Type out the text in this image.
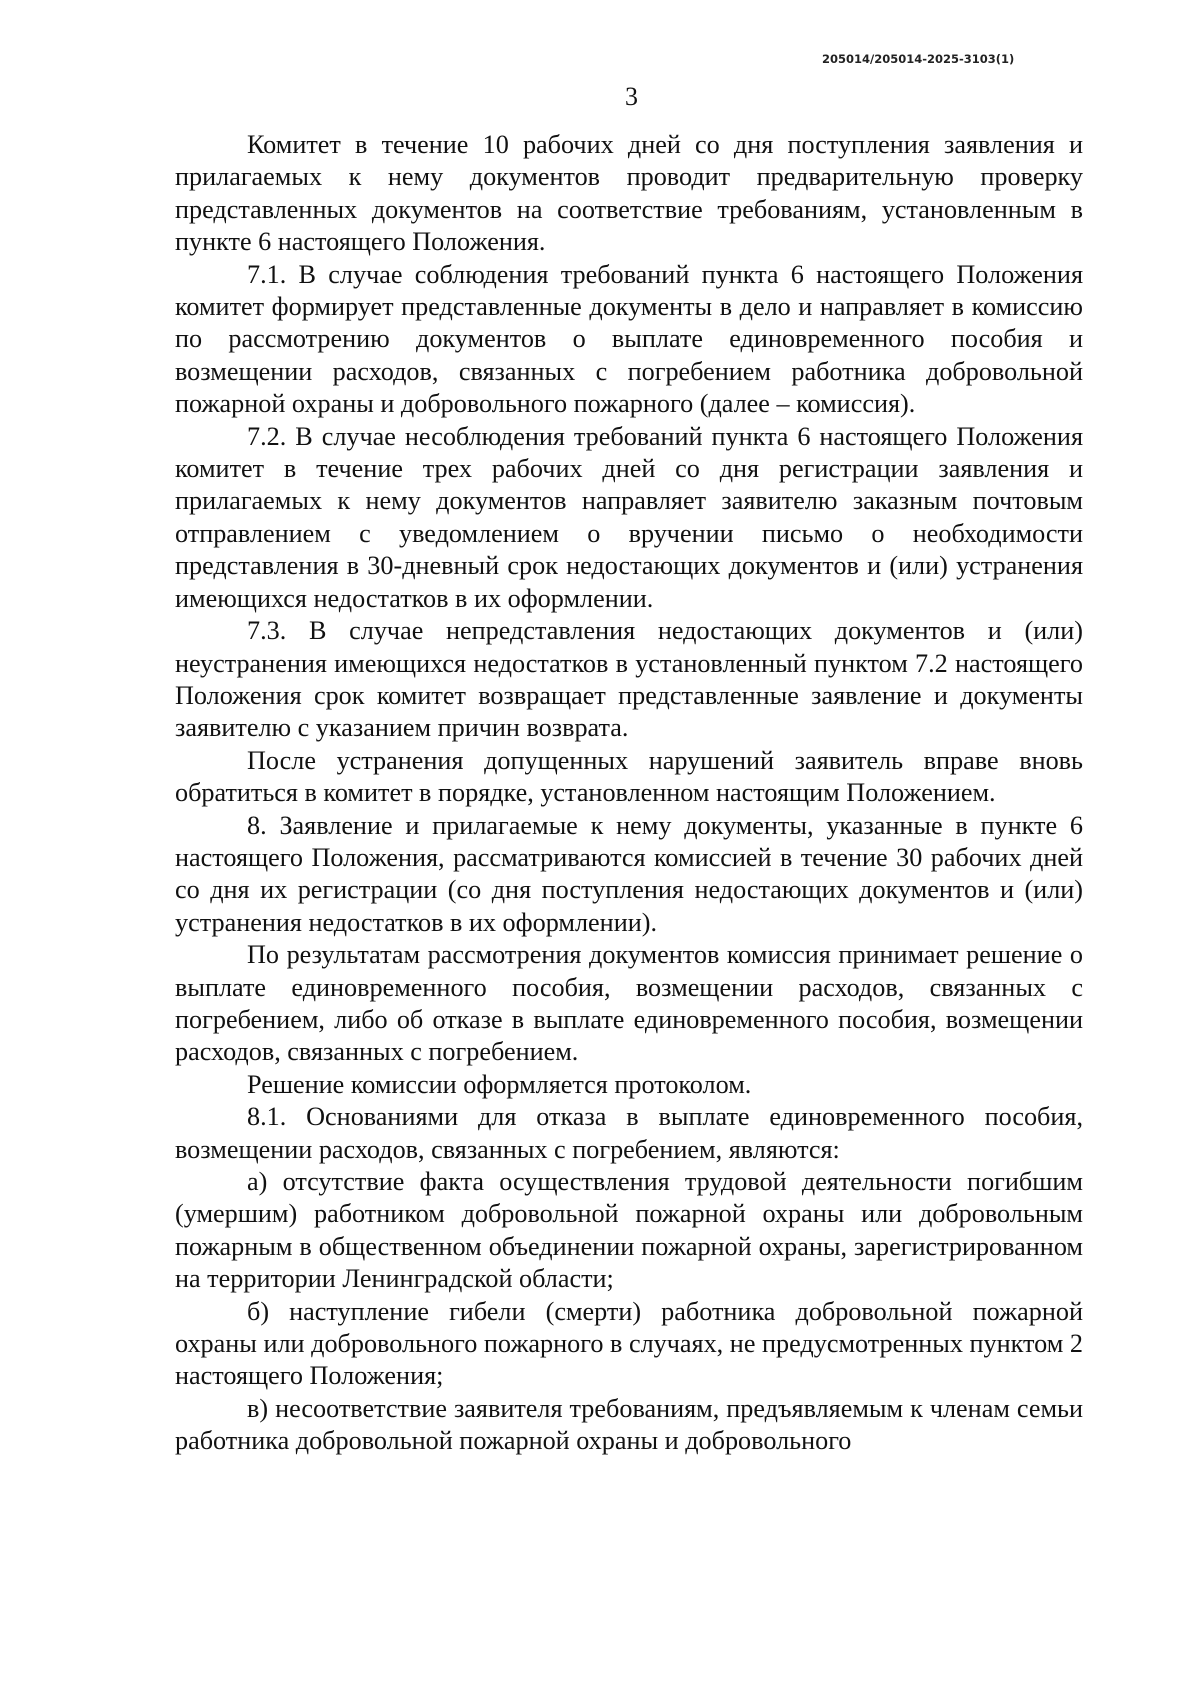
205014/205014-2025-3103(1)
3

Комитет в течение 10 рабочих дней со дня поступления заявления и прилагаемых к нему документов проводит предварительную проверку представленных документов на соответствие требованиям, установленным в пункте 6 настоящего Положения.

7.1. В случае соблюдения требований пункта 6 настоящего Положения комитет формирует представленные документы в дело и направляет в комиссию по рассмотрению документов о выплате единовременного пособия и возмещении расходов, связанных с погребением работника добровольной пожарной охраны и добровольного пожарного (далее – комиссия).

7.2. В случае несоблюдения требований пункта 6 настоящего Положения комитет в течение трех рабочих дней со дня регистрации заявления и прилагаемых к нему документов направляет заявителю заказным почтовым отправлением с уведомлением о вручении письмо о необходимости представления в 30-дневный срок недостающих документов и (или) устранения имеющихся недостатков в их оформлении.

7.3. В случае непредставления недостающих документов и (или) неустранения имеющихся недостатков в установленный пунктом 7.2 настоящего Положения срок комитет возвращает представленные заявление и документы заявителю с указанием причин возврата.

После устранения допущенных нарушений заявитель вправе вновь обратиться в комитет в порядке, установленном настоящим Положением.

8. Заявление и прилагаемые к нему документы, указанные в пункте 6 настоящего Положения, рассматриваются комиссией в течение 30 рабочих дней со дня их регистрации (со дня поступления недостающих документов и (или) устранения недостатков в их оформлении).

По результатам рассмотрения документов комиссия принимает решение о выплате единовременного пособия, возмещении расходов, связанных с погребением, либо об отказе в выплате единовременного пособия, возмещении расходов, связанных с погребением.

Решение комиссии оформляется протоколом.

8.1. Основаниями для отказа в выплате единовременного пособия, возмещении расходов, связанных с погребением, являются:

а) отсутствие факта осуществления трудовой деятельности погибшим (умершим) работником добровольной пожарной охраны или добровольным пожарным в общественном объединении пожарной охраны, зарегистрированном на территории Ленинградской области;

б) наступление гибели (смерти) работника добровольной пожарной охраны или добровольного пожарного в случаях, не предусмотренных пунктом 2 настоящего Положения;

в) несоответствие заявителя требованиям, предъявляемым к членам семьи работника добровольной пожарной охраны и добровольного
